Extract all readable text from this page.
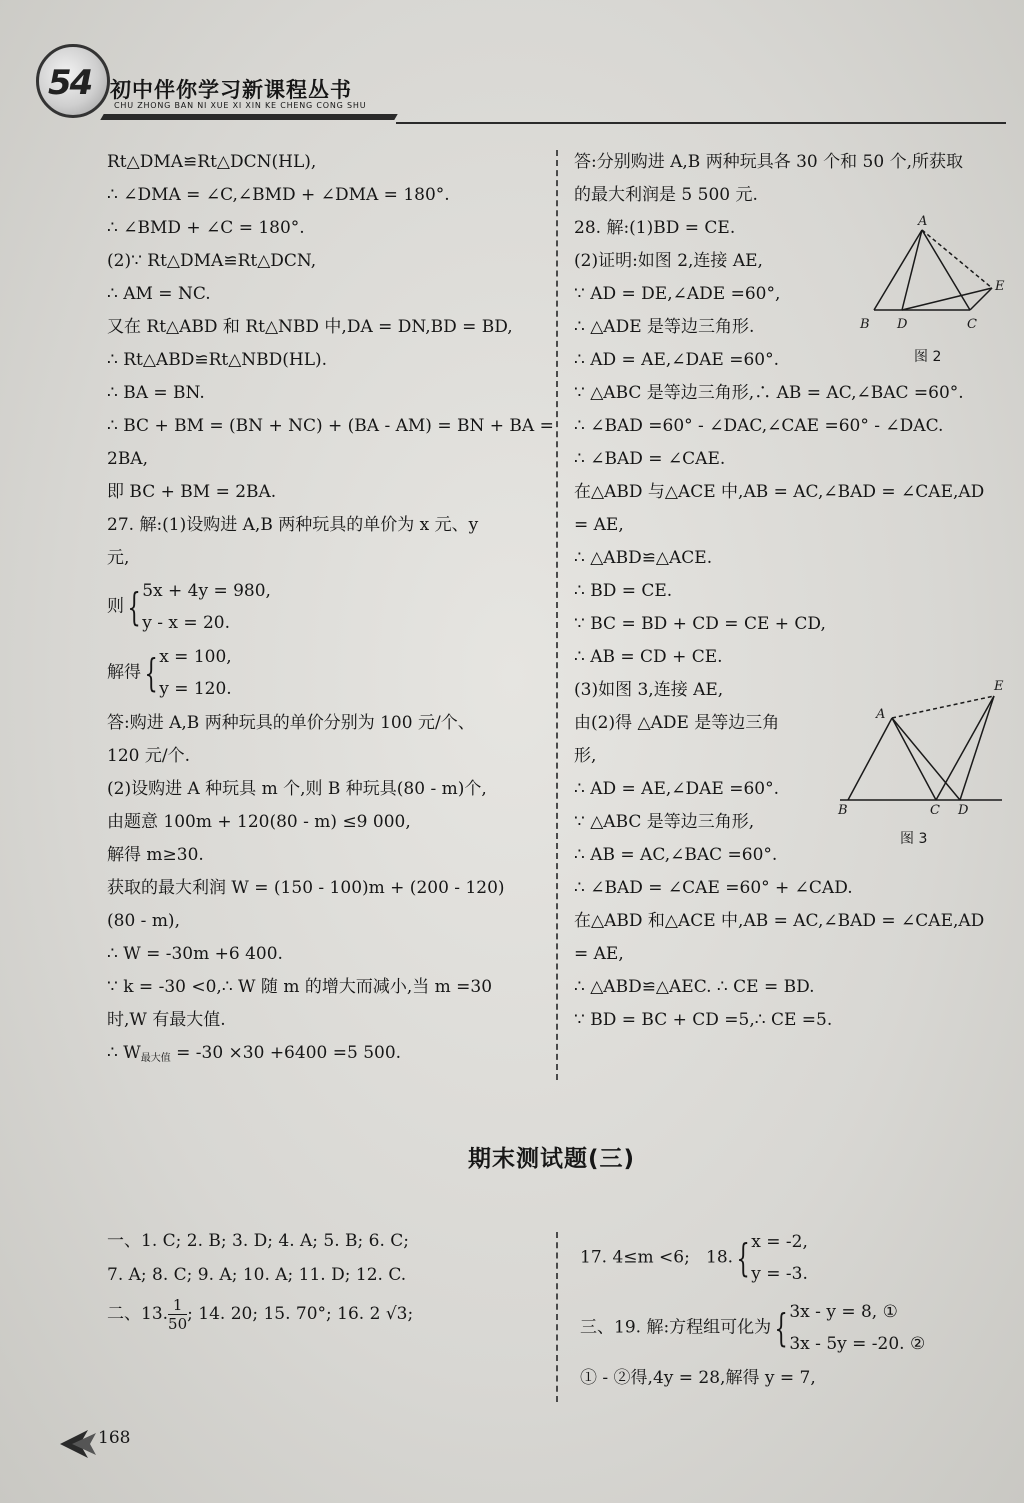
54 初中伴你学习新课程丛书
CHU ZHONG BAN NI XUE XI XIN KE CHENG CONG SHU
Rt△DMA≌Rt△DCN(HL),
∴ ∠DMA = ∠C,∠BMD + ∠DMA = 180°.
∴ ∠BMD + ∠C = 180°.
(2)∵ Rt△DMA≌Rt△DCN,
∴ AM = NC.
又在 Rt△ABD 和 Rt△NBD 中,DA = DN,BD = BD,
∴ Rt△ABD≌Rt△NBD(HL).
∴ BA = BN.
∴ BC + BM = (BN + NC) + (BA - AM) = BN + BA =
2BA,
即 BC + BM = 2BA.
27. 解:(1)设购进 A,B 两种玩具的单价为 x 元、y
元,
则{ 5x + 4y = 980,
y - x = 20.
解得{ x = 100,
y = 120.
答:购进 A,B 两种玩具的单价分别为 100 元/个、
120 元/个.
(2)设购进 A 种玩具 m 个,则 B 种玩具(80 - m)个,
由题意 100m + 120(80 - m) ≤9 000,
解得 m≥30.
获取的最大利润 W = (150 - 100)m + (200 - 120)
(80 - m),
∴ W = -30m +6 400.
∵ k = -30 <0,∴ W 随 m 的增大而减小,当 m =30
时,W 有最大值.
∴ $W_{最大值} = -30 \times 30 +6400 =5$ 500.
答:分别购进 A,B 两种玩具各 30 个和 50 个,所获取
的最大利润是 5 500 元.
28. 解:(1)BD = CE.
(2)证明:如图 2,连接 AE,
∵ AD = DE,∠ADE =60°,
∴ △ADE 是等边三角形.
∴ AD = AE,∠DAE =60°.
∵ △ABC 是等边三角形,∴ AB = AC,∠BAC =60°.
∴ ∠BAD =60° - ∠DAC,∠CAE =60° - ∠DAC.
∴ ∠BAD = ∠CAE.
在△ABD 与△ACE 中,AB = AC,∠BAD = ∠CAE,AD
= AE,
∴ △ABD≌△ACE.
∴ BD = CE.
∵ BC = BD + CD = CE + CD,
∴ AB = CD + CE.
(3)如图 3,连接 AE,
由(2)得 △ADE 是等边三角
形,
∴ AD = AE,∠DAE =60°.
∵ △ABC 是等边三角形,
∴ AB = AC,∠BAC =60°.
∴ ∠BAD = ∠CAE =60° + ∠CAD.
在△ABD 和△ACE 中,AB = AC,∠BAD = ∠CAE,AD
= AE,
∴ △ABD≌△AEC. ∴ CE = BD.
∵ BD = BC + CD =5,∴ CE =5.
A
B D	C
E
图 2
A
B	C D
E
图 3
期末测试题(三)
一、1. C; 2. B; 3. D; 4. A; 5. B; 6. C;
7. A; 8. C; 9. A; 10. A; 11. D; 12. C.
二、13. $\frac{1}{50}$ ; 14. 20; 15. 70°; 16. 2 √3;
17. 4≤m <6; 18.{ x = -2,
y = -3.
三、19. 解:方程组可化为{ 3x - y = 8, ①
3x - 5y = -20. ②
① - ②得,4y = 28,解得 y = 7,
168
